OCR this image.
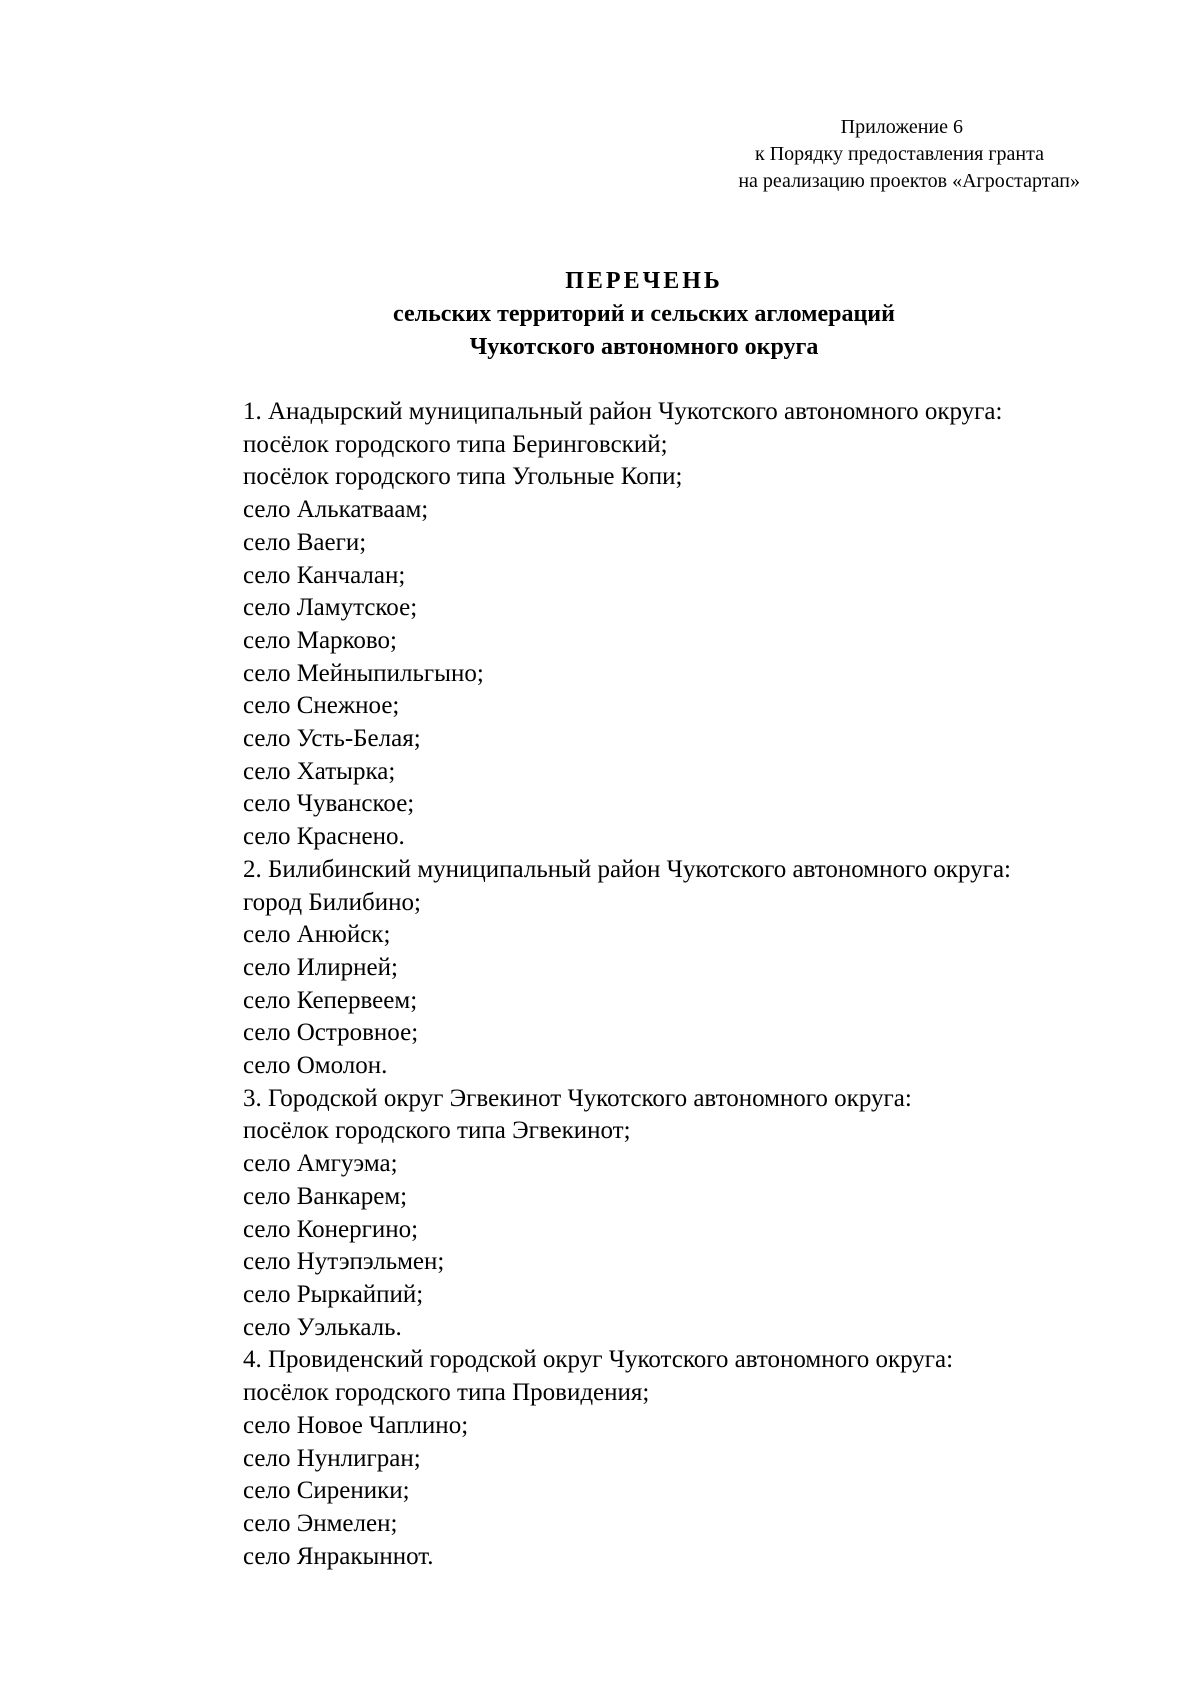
Приложение 6
к Порядку предоставления гранта
на реализацию проектов «Агростартап»
ПЕРЕЧЕНЬ
сельских территорий и сельских агломераций
Чукотского автономного округа
1. Анадырский муниципальный район Чукотского автономного округа:
посёлок городского типа Беринговский;
посёлок городского типа Угольные Копи;
село Алькатваам;
село Ваеги;
село Канчалан;
село Ламутское;
село Марково;
село Мейныпильгыно;
село Снежное;
село Усть-Белая;
село Хатырка;
село Чуванское;
село Краснено.
2. Билибинский муниципальный район Чукотского автономного округа:
город Билибино;
село Анюйск;
село Илирней;
село Кепервеем;
село Островное;
село Омолон.
3. Городской округ Эгвекинот Чукотского автономного округа:
посёлок городского типа Эгвекинот;
село Амгуэма;
село Ванкарем;
село Конергино;
село Нутэпэльмен;
село Рыркайпий;
село Уэлькаль.
4. Провиденский городской округ Чукотского автономного округа:
посёлок городского типа Провидения;
село Новое Чаплино;
село Нунлигран;
село Сиреники;
село Энмелен;
село Янракыннот.
